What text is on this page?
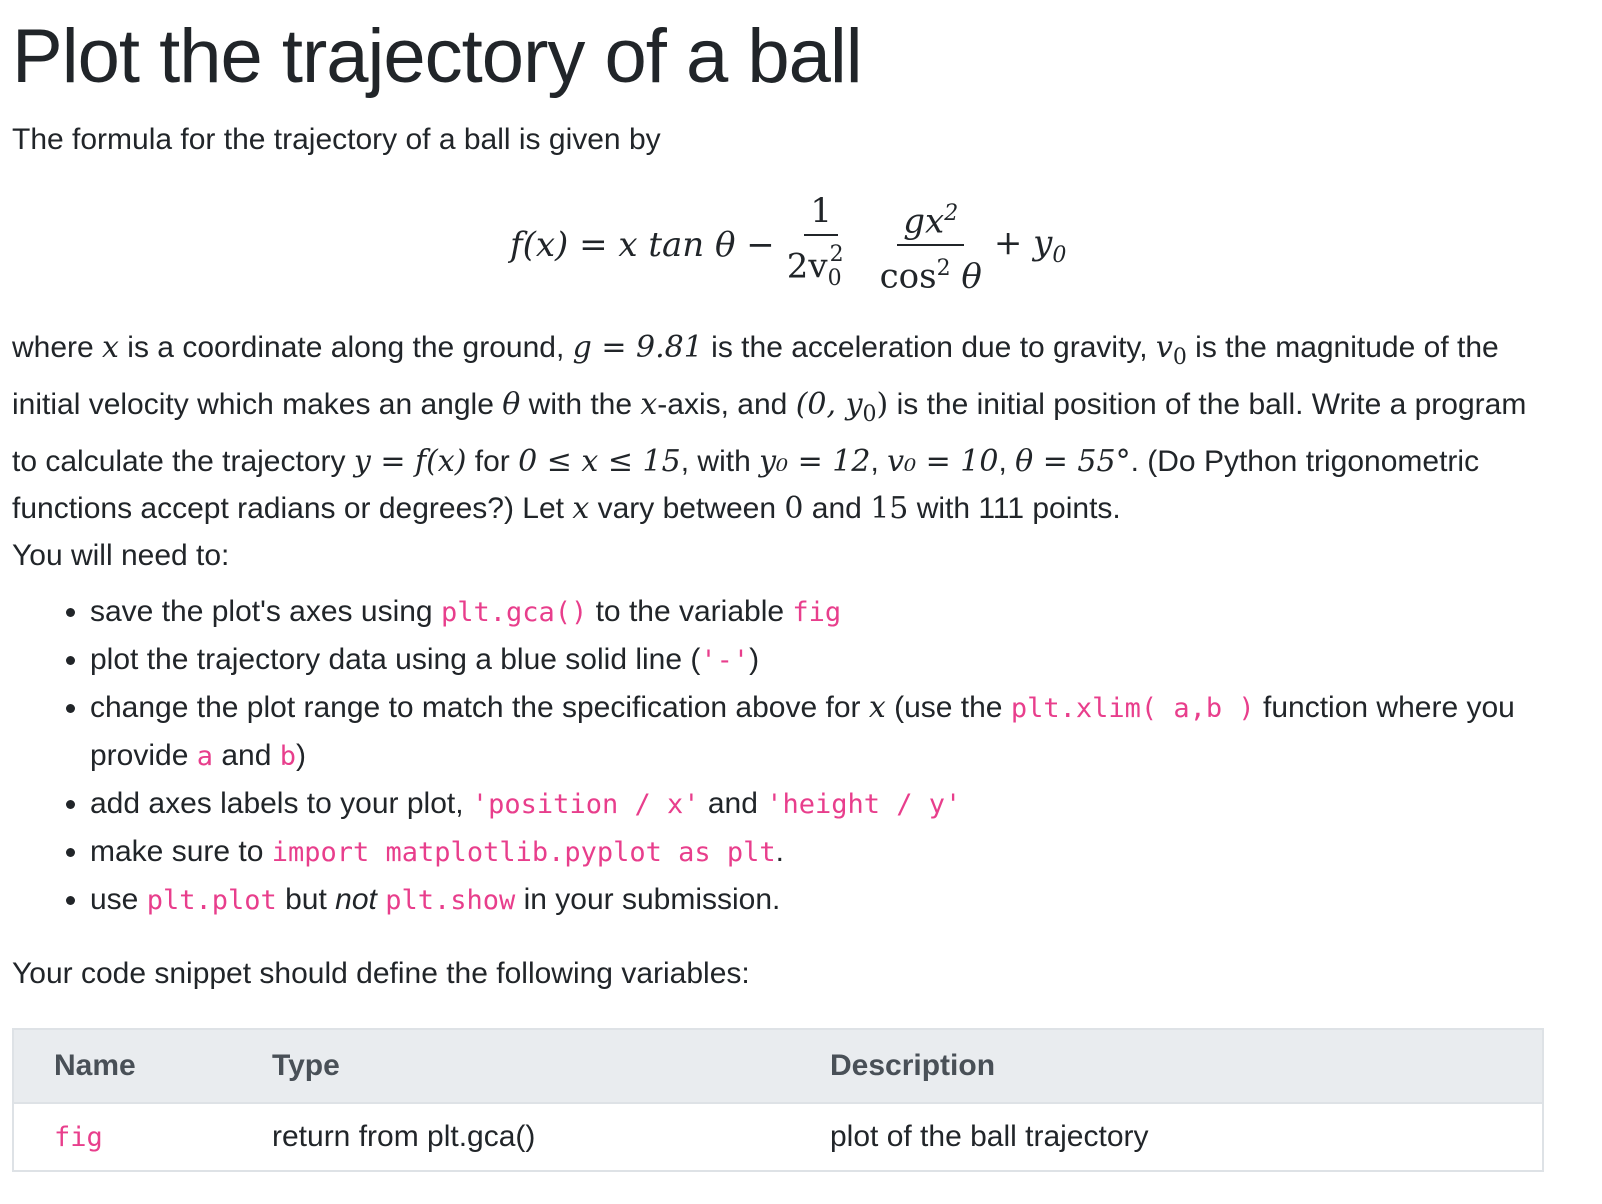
Plot the trajectory of a ball

The formula for the trajectory of a ball is given by

f(x) = x $\tan \theta - \frac{1}{2v_0^2} \frac{gx^2}{\cos^2 \theta} + y_0$

where x is a coordinate along the ground, g = 9.81 is the acceleration due to gravity, $v_0$ is the magnitude of the initial velocity which makes an angle θ with the x-axis, and (0, $y_0$) is the initial position of the ball. Write a program to calculate the trajectory y = f(x) for 0 ≤ x ≤ 15, with y₀ = 12, v₀ = 10, θ = 55°. (Do Python trigonometric functions accept radians or degrees?) Let x vary between 0 and 15 with 111 points.
You will need to:

• save the plot's axes using plt.gca() to the variable fig
• plot the trajectory data using a blue solid line ('-')
• change the plot range to match the specification above for x (use the plt.xlim( a,b ) function where you provide a and b)
• add axes labels to your plot, 'position / x' and 'height / y'
• make sure to import matplotlib.pyplot as plt.
• use plt.plot but not plt.show in your submission.

Your code snippet should define the following variables:

Name	Type	Description
fig	return from plt.gca()	plot of the ball trajectory
